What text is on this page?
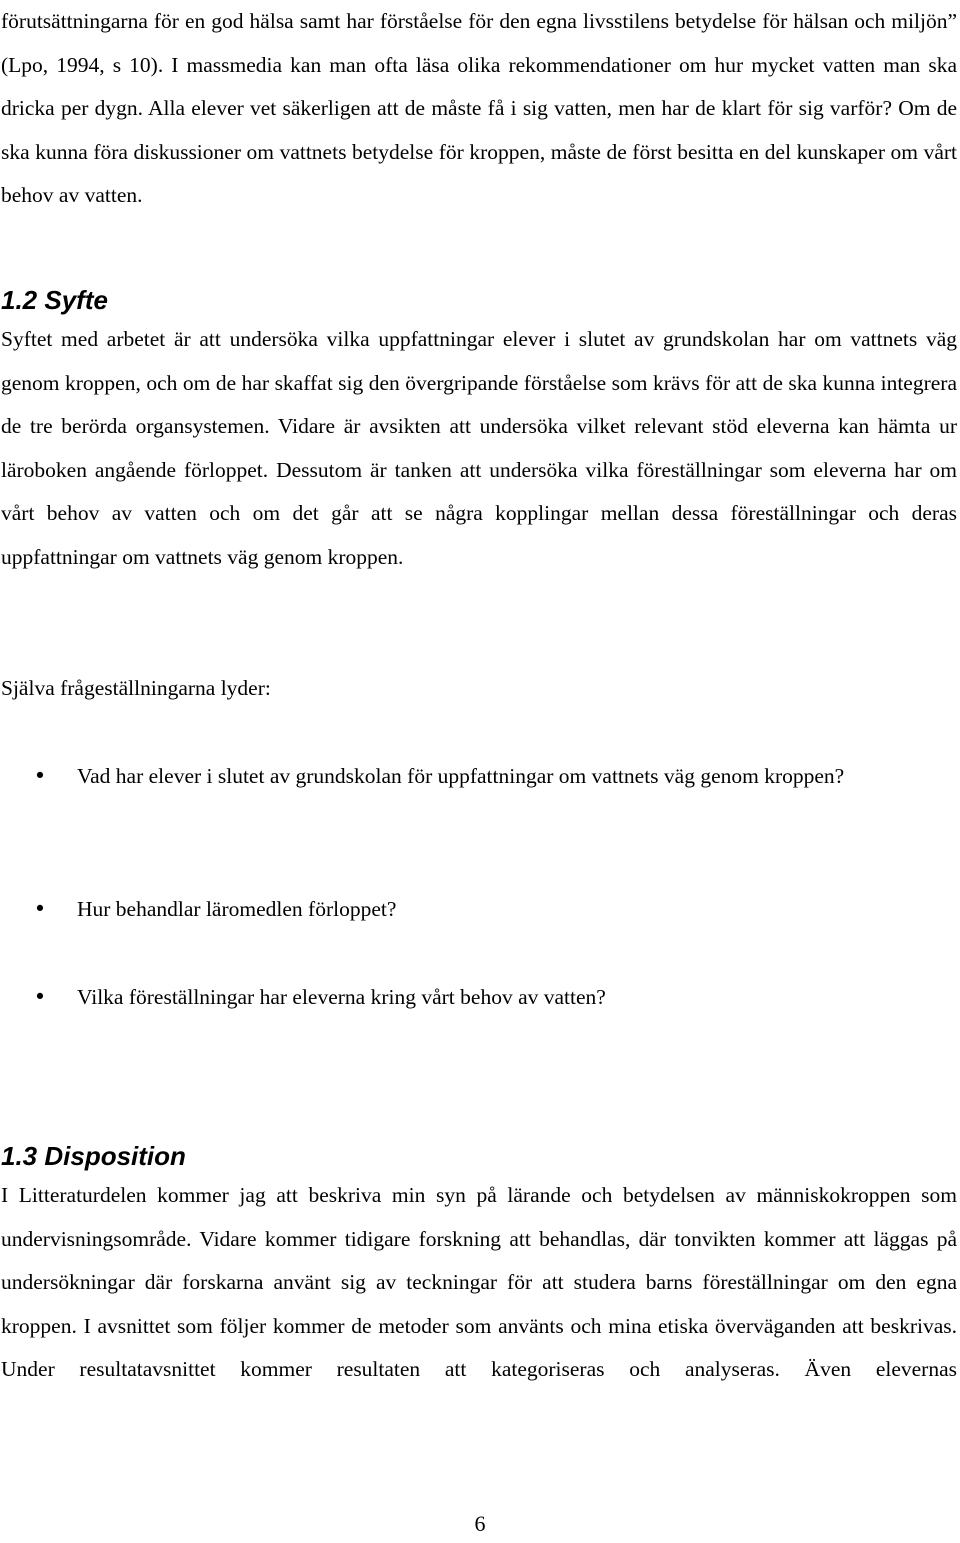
förutsättningarna för en god hälsa samt har förståelse för den egna livsstilens betydelse för hälsan och miljön” (Lpo, 1994, s 10). I massmedia kan man ofta läsa olika rekommendationer om hur mycket vatten man ska dricka per dygn. Alla elever vet säkerligen att de måste få i sig vatten, men har de klart för sig varför? Om de ska kunna föra diskussioner om vattnets betydelse för kroppen, måste de först besitta en del kunskaper om vårt behov av vatten.

1.2 Syfte

Syftet med arbetet är att undersöka vilka uppfattningar elever i slutet av grundskolan har om vattnets väg genom kroppen, och om de har skaffat sig den övergripande förståelse som krävs för att de ska kunna integrera de tre berörda organsystemen. Vidare är avsikten att undersöka vilket relevant stöd eleverna kan hämta ur läroboken angående förloppet. Dessutom är tanken att undersöka vilka föreställningar som eleverna har om vårt behov av vatten och om det går att se några kopplingar mellan dessa föreställningar och deras uppfattningar om vattnets väg genom kroppen.

Själva frågeställningarna lyder:

• Vad har elever i slutet av grundskolan för uppfattningar om vattnets väg genom kroppen?

• Hur behandlar läromedlen förloppet?

• Vilka föreställningar har eleverna kring vårt behov av vatten?

1.3 Disposition

I Litteraturdelen kommer jag att beskriva min syn på lärande och betydelsen av människokroppen som undervisningsområde. Vidare kommer tidigare forskning att behandlas, där tonvikten kommer att läggas på undersökningar där forskarna använt sig av teckningar för att studera barns föreställningar om den egna kroppen. I avsnittet som följer kommer de metoder som använts och mina etiska överväganden att beskrivas. Under resultatavsnittet kommer resultaten att kategoriseras och analyseras. Även elevernas

6
